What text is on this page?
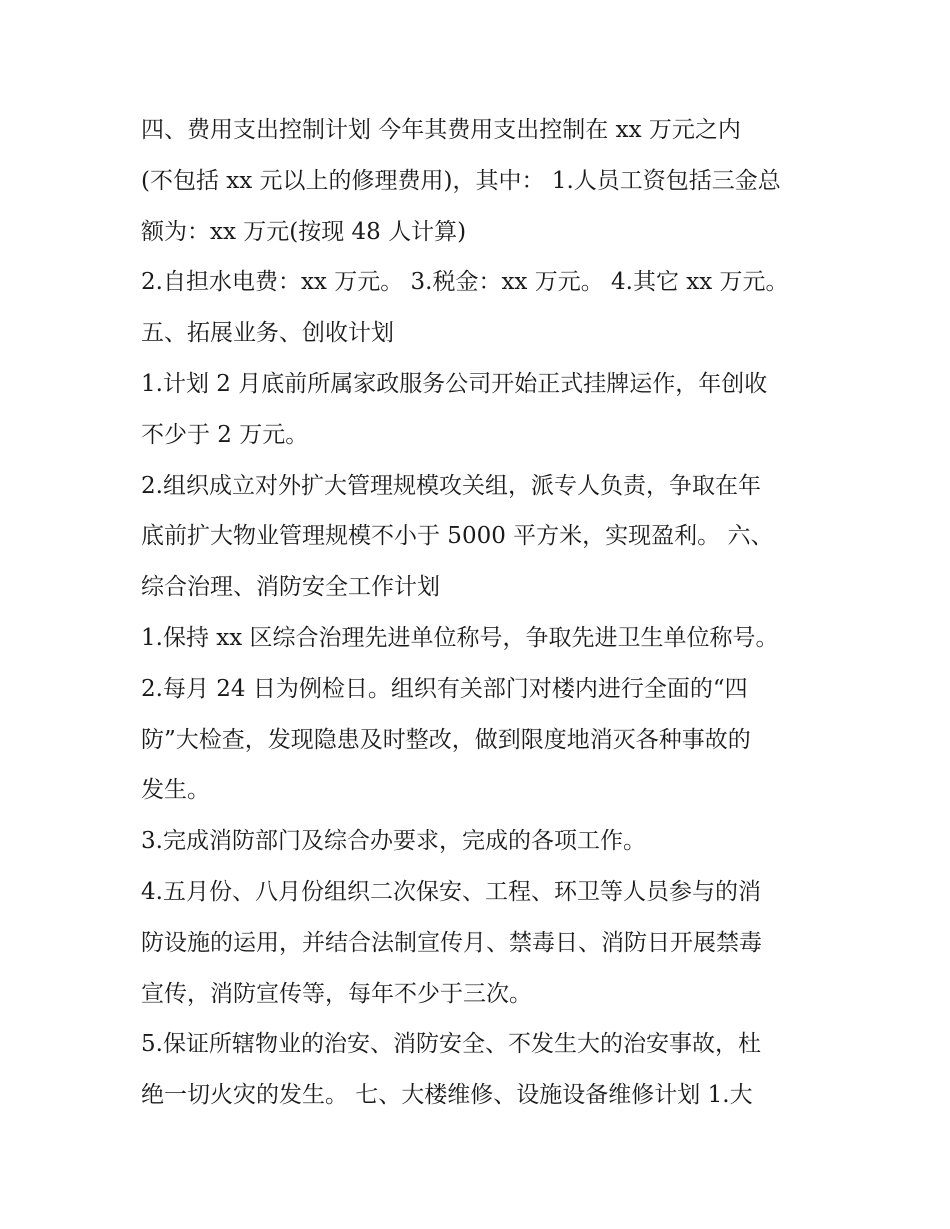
四、费用支出控制计划 今年其费用支出控制在 xx 万元之内
(不包括 xx 元以上的修理费用)，其中： 1.人员工资包括三金总
额为：xx 万元(按现 48 人计算)
2.自担水电费：xx 万元。 3.税金：xx 万元。 4.其它 xx 万元。
五、拓展业务、创收计划
1.计划 2 月底前所属家政服务公司开始正式挂牌运作，年创收
不少于 2 万元。
2.组织成立对外扩大管理规模攻关组，派专人负责，争取在年
底前扩大物业管理规模不小于 5000 平方米，实现盈利。 六、
综合治理、消防安全工作计划
1.保持 xx 区综合治理先进单位称号，争取先进卫生单位称号。
2.每月 24 日为例检日。组织有关部门对楼内进行全面的“四
防”大检查，发现隐患及时整改，做到限度地消灭各种事故的
发生。
3.完成消防部门及综合办要求，完成的各项工作。
4.五月份、八月份组织二次保安、工程、环卫等人员参与的消
防设施的运用，并结合法制宣传月、禁毒日、消防日开展禁毒
宣传，消防宣传等，每年不少于三次。
5.保证所辖物业的治安、消防安全、不发生大的治安事故，杜
绝一切火灾的发生。 七、大楼维修、设施设备维修计划 1.大
